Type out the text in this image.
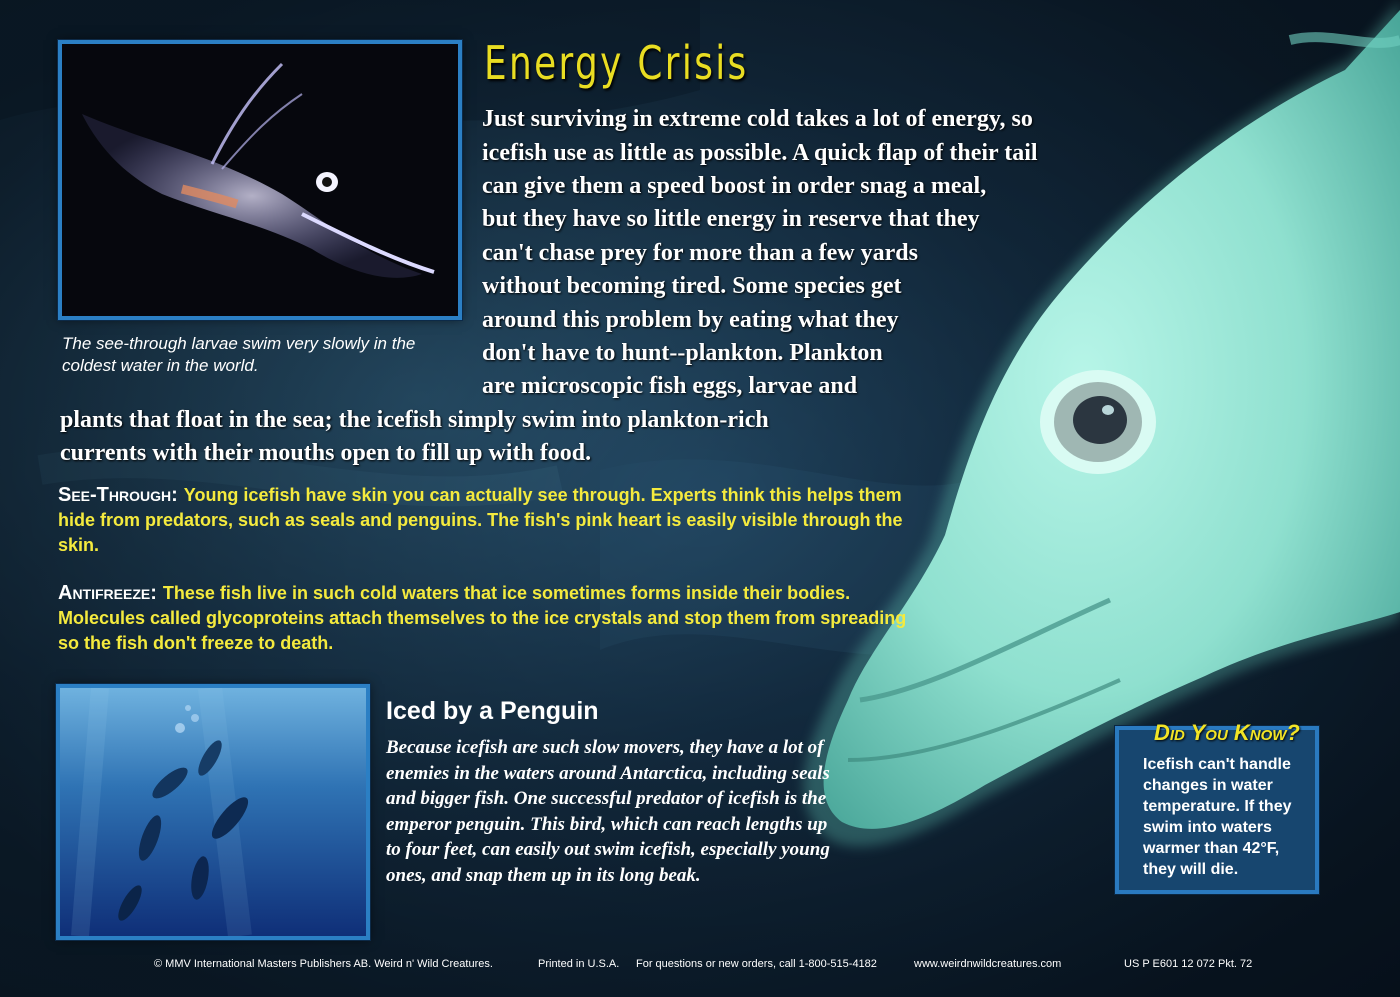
The see-through larvae swim very slowly in the coldest water in the world.
Energy Crisis
Just surviving in extreme cold takes a lot of energy, so
icefish use as little as possible. A quick flap of their tail
can give them a speed boost in order snag a meal,
but they have so little energy in reserve that they
can't chase prey for more than a few yards
without becoming tired. Some species get
around this problem by eating what they
don't have to hunt--plankton. Plankton
are microscopic fish eggs, larvae and
plants that float in the sea; the icefish simply swim into plankton-rich
currents with their mouths open to fill up with food.
See-Through: Young icefish have skin you can actually see through. Experts think this helps them hide from predators, such as seals and penguins. The fish's pink heart is easily visible through the skin.
Antifreeze: These fish live in such cold waters that ice sometimes forms inside their bodies. Molecules called glycoproteins attach themselves to the ice crystals and stop them from spreading so the fish don't freeze to death.
Iced by a Penguin
Because icefish are such slow movers, they have a lot of enemies in the waters around Antarctica, including seals and bigger fish. One successful predator of icefish is the emperor penguin. This bird, which can reach lengths up to four feet, can easily out swim icefish, especially young ones, and snap them up in its long beak.
Icefish can't handle changes in water temperature. If they swim into waters warmer than 42°F, they will die.
Did You Know?
© MMV International Masters Publishers AB. Weird n' Wild Creatures.	Printed in U.S.A. For questions or new orders, call 1-800-515-4182	www.weirdnwildcreatures.com	US P E601 12 072 Pkt. 72
